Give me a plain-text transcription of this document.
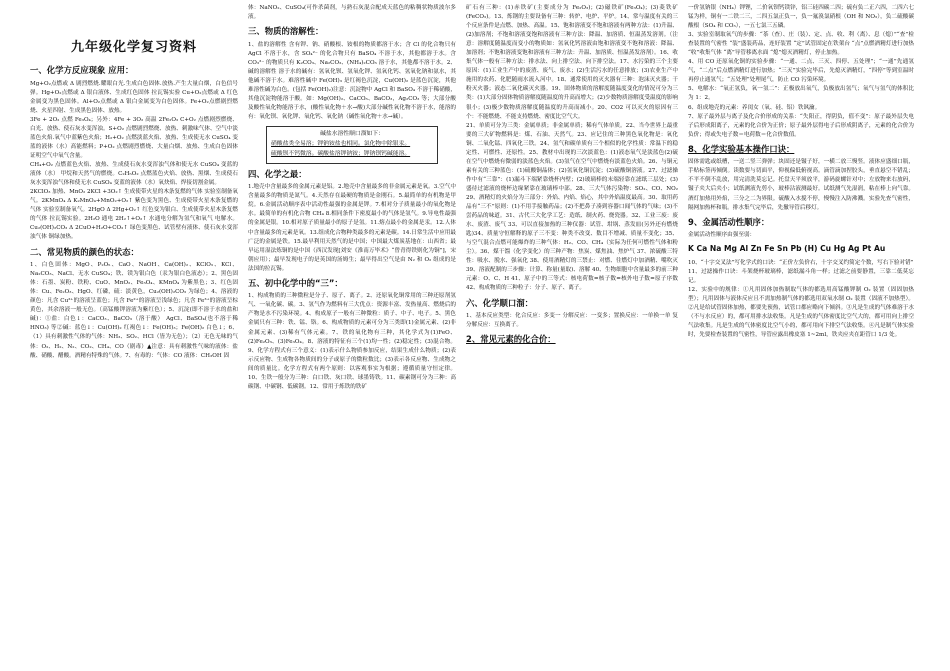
九年级化学复习资料
一、化学方反应现象 应用：
Mg+O₂点燃或 Δ 剧烈燃烧.耀眼白光.生成白色固体.放热.产生大量白烟，白色信号弹。Hg+O₂点燃或 Δ 银白液体、生成红色固体 拉瓦锡实验 Cu+O₂点燃或 Δ 红色金属变为黑色固体。Al+O₂点燃或 Δ 银白金属变为白色固体。Fe+O₂点燃剧烈燃烧、火星四射、生成黑色固体、放热。
3Fe + 2O₂ 点燃 Fe₃O₄；另外：4Fe + 3O₂ 高温 2Fe₂O₃ C+O₂ 点燃剧烈燃烧、白光、放热、使石灰水变浑浊。S+O₂ 点燃剧烈燃烧、放热、刺激味气体、空气中淡蓝色火焰.氧气中蓝紫色火焰；H₂+O₂ 点燃淡蓝火焰、放热、生成使无水 CuSO₄ 变蓝的液体（水）高能燃料；P+O₂ 点燃剧烈燃烧、大量白烟、放热、生成白色固体 证明空气中氧气含量。
CH₄+O₂ 点燃蓝色火焰、放热、生成使石灰水变浑浊气体和使无水 CuSO₄ 变蓝的液体（水） 甲烷和天然气的燃烧。C₂H₅O₂ 点燃蓝色火焰、放热、黑烟、生成使石灰水变浑浊气体和使无水 CuSO₄ 变蓝的液体（水）氧炔焰、焊接切割金属。
2KClO₃ 加热、MnO₂ 2KCl +3O₂↑ 生成使带火星的木条复燃的气体 实验室制备氧气。2KMnO₄ Δ K₂MnO₄+MnO₂+O₂↑ 紫色变为黑色、生成使带火星木条复燃的气体 实验室制备氧气。2HgO Δ 2Hg+O₂↑ 红色变为银白、生成使带火星木条复燃的气体 拉瓦锡实验。2H₂O 通电 2H₂↑+O₂↑ 水通电分解为氢气和氧气 电解水。Cu₂(OH)₂CO₃ Δ 2CuO+H₂O+CO₂↑ 绿色变黑色、试管壁有液体、使石灰水变浑浊气体 铜绿加热。
二、常见物质的颜色的状态：
1、白色固体：MgO、P₂O₅、CaO、NaOH、Ca(OH)₂、KClO₃、KCl、Na₂CO₃、NaCl、无水 CuSO₄；铁、镁为银白色（汞为银白色液态）；2、黑色固体：石墨、炭粉、铁粉、CuO、MnO₂、Fe₃O₄、KMnO₄ 为紫黑色；3、红色固体：Cu、Fe₂O₃、HgO、红磷，硫：淡黄色，Cu₂(OH)₂CO₃ 为绿色；4、溶液的颜色：凡含 Cu²⁺的溶液呈蓝色；凡含 Fe²⁺的溶液呈浅绿色；凡含 Fe³⁺的溶液呈棕黄色，其余溶液一般无色。（高锰酸钾溶液为紫红色）；5、沉淀(即不溶于水的盐和碱)：①盐：白色↓：CaCO₃、BaCO₃（溶于酸） AgCl、BaSO₄(也不溶于稀 HNO₃) 等②碱：蓝色↓：Cu(OH)₂ 红褐色↓：Fe(OH)₃；Fe(OH)₂ 白色↓；6、（1）具有刺激性气体的气体：NH₃、SO₂、HCl（皆为无色）；（2）无色无味的气体：O₂、H₂、N₂、CO₂、CH₄、CO（剧毒）▲注意：具有刺激性气味的液体：盐酸、硝酸、醋酸。酒精有特殊的气体。7、有毒的：气体：CO 液体：CH₃OH 固
体：NaNO₂、CuSO₄(可作杀菌剂，与熟石灰混合配成天蓝色的粘稠状物质波尔多液。
三、物质的溶解性：
1、盐的溶解性 含有钾、钠、硝酸根、铵根的物质都溶于水；含 Cl 的化合物只有 AgCl 不溶于水，含 SO₄²⁻ 的化合物只有 BaSO₄ 不溶于水，其他都溶于水。含 CO₃²⁻ 的物质只有 K₂CO₃、Na₂CO₃、(NH₄)₂CO₃ 溶于水，其他都不溶于水。2、碱的溶解性 溶于水的碱有：氢氧化钡、氢氧化钾、氢氧化钙、氢氧化钠和氨水，其他碱不溶于水。难溶性碱中 Fe(OH)₃ 是红褐色沉淀，Cu(OH)₂ 是蓝色沉淀，其他难溶性碱为白色。(包括 Fe(OH)₂)注意：沉淀物中 AgCl 和 BaSO₄ 不溶于稀硝酸，其他沉淀物能溶于酸。如：Mg(OH)₂、CaCO₃、BaCO₃，Ag₂CO₃ 等；大部分酸及酸性氧化物能溶于水，(酸性氧化物＋水→酸)大部分碱性氧化物不溶于水，能溶的有：氧化钡、氧化钾、氧化钙、氧化钠（碱性氧化物＋水→碱）。
碱盐水溶性顺口溜如下：
硝酸盐类全易溶；钾钠铵盐也相同。氯化物中除银汞。
硫酸钡不钙微溶。碳酸盐溶钾钠铵；钾钠钡钙碱能溶。
四、化学之最：
1.地壳中含量最多的金属元素是铝。2.地壳中含量最多的非金属元素是氧。3.空气中含量最多的物质是氮气。4.天然存在最硬的物质是金刚石。5.最简单的有机物是甲烷。6.金属活动顺序表中活动性最强的金属是钾。7.相对分子质量最小的氧化物是水。最简单的有机化合物 CH₄ 8.相同条件下密度最小的气体是氢气。9.导电性最强的金属是银。10.相对原子质量最小的原子是氢。11.熔点最小的金属是汞。12.人体中含量最多的元素是氧。13.组成化合物种类最多的元素是碳。14.日常生活中应用最广泛的金属是铁。15.最早利用天然气的是中国；中国最大煤炭基地在：山西省；最早运用湿法炼铜的是中国（西汉发现[刘安《淮南万毕术》“曾青得铁则化为铜”]，宋朝应用）；最早发现电子的是英国的汤姆生；最早得出空气是由 N₂ 和 O₂ 组成的是法国的拉瓦锡。
五、初中化学中的“三”：
1、构成物质的三种微粒是分子、原子、离子。2、还原氧化铜常用的三种还原剂氢气、一氧化碳、碳。3、氢气作为燃料有三大优点：资源丰富、发热量高、燃烧后的产物是水不污染环境。4、构成原子一般有三种微粒：质子、中子、电子。5、黑色金属只有三种：铁、锰、铬。6、构成物质的元素可分为三类即(1)金属元素、(2)非金属元素、(3)稀有气体元素。7、铁的氧化物有三种，其化学式为(1)FeO、(2)Fe₂O₃、(3)Fe₃O₄。8、溶液的特征有三个(1)均一性；(2)稳定性；(3)混合物。9、化学方程式有三个意义：(1)表示什么物质参加反应，结果生成什么物质；(2)表示反应物、生成物各物质间的分子或原子的微粒数比；(3)表示各反应物、生成物之间的质量比。化学方程式有两个原则：以客观事实为根据；遵循质量守恒定律。10、生铁一般分为三种：白口铁、灰口铁、球墨铸铁。11、碳素钢可分为三种：高碳钢、中碳钢、低碳钢。12、常用于炼铁的铁矿
矿石有三种：(1)赤铁矿(主要成分为 Fe₂O₃)；(2)磁铁矿(Fe₃O₄)；(3)菱铁矿(FeCO₃)。13、炼钢的主要设备有三种：转炉、电炉、平炉。14、常与温度有关的三个反应条件是点燃、加热、高温。15、饱和溶液变不饱和溶液有两种方法：(1)升温、(2)加溶剂；不饱和溶液变饱和溶液有三种方法：降温、加溶质、恒温蒸发溶剂。（注意：溶解度随温度而变小的物质如：氢氧化钙溶液由饱和溶液变不饱和溶液：降温、加溶剂；不饱和溶液变饱和溶液有三种方法：升温、加溶质、恒温蒸发溶剂）。16、收集气体一般有三种方法：排水法、向上排空法、向下排空法。17、水污染的三个主要原因：(1)工业生产中的废渣、废气、废水；(2)生活污水的任意排放；(3)农业生产中施用的农药、化肥随雨水流入河中。18、通常使用的灭火器有三种：泡沫灭火器；干粉灭火器；液态二氧化碳灭火器。19、固体物质的溶解度随温度变化的情况可分为三类：(1)大部分固体物质溶解度随温度的升高而增大；(2)少数物质溶解度受温度的影响很小；(3)极少数物质溶解度随温度的升高而减小。20、CO2 可以灭火的原因有三个：不能燃烧、不能支持燃烧、密度比空气大。
21、单质可分为三类：金属单质；非金属单质；稀有气体单质。22、当今世界上最重要的三大矿物燃料是：煤、石油、天然气。23、应记住的三种黑色氧化物是：氧化铜、二氧化锰、四氧化三铁。24、氢气和碳单质有三个相似的化学性质：常温下的稳定性、可燃性、还原性。25、教材中出现的三次淡蓝色：(1)液态氧气是淡蓝色(2)硫在空气中燃烧有微弱的淡蓝色火焰。(3)氢气在空气中燃烧有淡蓝色火焰。26、与铜元素有关的三种蓝色：(1)硫酸铜晶体；(2)氢氧化铜沉淀；(3)硫酸铜溶液。27、过滤操作中有“三靠”：(1)漏斗下端紧靠烧杯内壁；(2)玻璃棒的末端轻靠在滤纸三层处；(3)盛待过滤液的烧杯边缘紧靠在玻璃棒中部。28、三大气体污染物：SO₂、CO、NO₂ 29、酒精灯的火焰分为三部分：外焰、内焰、焰心，其中外焰温度最高。30、取用药品有“三不”原则：(1)不用手接触药品；(2)不把鼻子凑到容器口闻气体的气味；(3)不尝药品的味道。31、古代三大化学工艺：造纸、制火药、烧瓷器。32、工业三废：废水、废渣、废气 33、可以直接加热的三种仪器：试管、坩埚、蒸发皿(另外还有燃烧匙)34、质量守恒解释的原子三不变：种类不改变、数目不增减、质量不变化；35、与空气混合点燃可能爆炸的三种气体：H₂、CO、CH₄（实际为任何可燃性气体和粉尘）。36、煤干馏（化学变化）的三种产物：焦炭、煤焦油、焦炉气 37、浓硫酸三特性：吸水、脱水、强氧化 38、使用酒精灯的三禁止：对燃、往燃灯中加酒精、嘴吹灭 39、溶液配制的三步骤：计算、称量(量取)、溶解 40、生物细胞中含量最多的前三种元素：O、C、H 41、原子中的三等式：核电荷数=核子数=核外电子数=原子序数 42、构成物质的三种粒子：分子、原子、离子。
六、化学顺口溜：
1、基本反应类型：化合反应：多变一 分解反应：一变多；置换反应：一单换一单 复分解反应：互换离子。
2、常见元素的化合价：
一价氢钠银（NH₄）钾锂，二价氧钡钙镁锌，铝三硅四碳二四；硫有负二正六四，二四六七锰为样，铜有一二铁二三，二四五氯正负一，负一氟溴氯硝根（OH 和 NO₃），负二硫酸碳酸根（SO₄ 和 CO₃），一五七氯三五磷。
3、实验室制取氧气的步骤：“茶（查）、庄（装）、定、点、收、利（离）、息（熄）”“查”检查装置的气密性 “装”盛装药品，连好装置 “定”试管固定在铁架台 “点”点燃酒精灯进行加热 “收”收集气体 “离”导管移离水面 “熄”熄灭酒精灯，停止加热。
4、用 CO 还原氧化铜的实验步骤：“一通、二点、三灭、四停、五处理”；“一通”先通氢气，“二点”后点燃酒精灯进行加热；“三灭”实验完毕后，先熄灭酒精灯，“四停”等到室温时再停止通氢气；“五处理”处理尾气，防止 CO 污染环境。
5、电解水：“氧正氢负，氧一氢二”：正极放出氧气，负极放出氢气；氧气与氢气的体积比为 1：2。
6、组成地壳的元素：养闺女（氧、硅、铝）铁讽瀹。
7、原子最外层与离子及化合价形成的关系：“失阳正，得阴负，值不变”：原子最外层失电子后形成阳离子，元素的化合价为正价；原子最外层得电子后形成阴离子，元素的化合价为负价；得或失电子数＝电荷数＝化合价数值。
8、化学实验基本操作口诀：
固体需匙或纸槽，一送二竖三弹弹；块固还是镊子好，一横二放三慢竖。液体应盛细口瓶，手贴标签再倾倒。读数要与切面平，仰视偏低俯视高。滴管滴加捏胶头，垂直悬空不错乱；不平不倒不乱放，用完清洗莫忘记。托盘天平须放平，游码旋螺针对中；左放物来右放码，镊子夹大后夹小；试纸测液先剪小，玻棒沾液测最好。试纸测气先湿润，粘在棒上向气靠。酒灯加热用外焰，三分之二为界限。硫酸入水搅不停，慢慢注入防沸溅。实验先查气密性，隔网加热杯和瓶。排水集气完毕后，先撤导管后移灯。
9、金属活动性顺序：
金属活动性顺序由强至弱：
K Ca Na Mg Al Zn Fe Sn Pb (H) Cu Hg Ag Pt Au
10、“十字交叉法”写化学式的口诀：“正价左负价右，十字交叉约简定个数，写右下验对错”
11、过滤操作口诀：斗架烧杯玻璃棒，滤纸漏斗角一样；过滤之前要静置，三靠二低莫忘记。
12、实验中的规律：①凡用固体加热制取气体的都选用高锰酸钾制 O₂ 装置（固固加热型）；凡用固体与液体反应且不需加热制气体的都选用双氧水制 O₂ 装置（固液不加热型）。②凡是给试管固体加热，都要先预热，试管口都应略向下倾斜。③凡是生成的气体难溶于水（不与水反应）的，都可用排水法收集。凡是生成的气体密度比空气大的，都可用向上排空气法收集。凡是生成的气体密度比空气小的，都可用向下排空气法收集。④凡是制气体实验时，先要检查装置的气密性，导管应露出橡皮塞 1~2ml，铁夹应夹在距管口 1/3 处。
